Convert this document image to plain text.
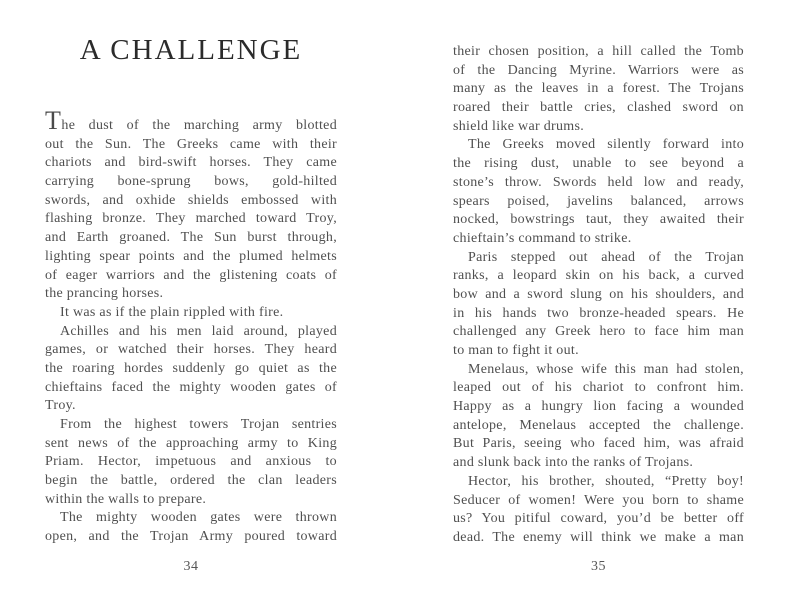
A CHALLENGE
The dust of the marching army blotted
out the Sun. The Greeks came with their
chariots and bird-swift horses. They came
carrying bone-sprung bows, gold-hilted
swords, and oxhide shields embossed with
flashing bronze. They marched toward Troy,
and Earth groaned. The Sun burst through,
lighting spear points and the plumed helmets
of eager warriors and the glistening coats of
the prancing horses.
It was as if the plain rippled with fire.
Achilles and his men laid around, played
games, or watched their horses. They heard
the roaring hordes suddenly go quiet as the
chieftains faced the mighty wooden gates of
Troy.
From the highest towers Trojan sentries
sent news of the approaching army to King
Priam. Hector, impetuous and anxious to
begin the battle, ordered the clan leaders
within the walls to prepare.
The mighty wooden gates were thrown
open, and the Trojan Army poured toward
34
their chosen position, a hill called the Tomb
of the Dancing Myrine. Warriors were as
many as the leaves in a forest. The Trojans
roared their battle cries, clashed sword on
shield like war drums.
The Greeks moved silently forward into
the rising dust, unable to see beyond a
stone’s throw. Swords held low and ready,
spears poised, javelins balanced, arrows
nocked, bowstrings taut, they awaited their
chieftain’s command to strike.
Paris stepped out ahead of the Trojan
ranks, a leopard skin on his back, a curved
bow and a sword slung on his shoulders, and
in his hands two bronze-headed spears. He
challenged any Greek hero to face him man
to man to fight it out.
Menelaus, whose wife this man had stolen,
leaped out of his chariot to confront him.
Happy as a hungry lion facing a wounded
antelope, Menelaus accepted the challenge.
But Paris, seeing who faced him, was afraid
and slunk back into the ranks of Trojans.
Hector, his brother, shouted, “Pretty boy!
Seducer of women! Were you born to shame
us? You pitiful coward, you’d be better off
dead. The enemy will think we make a man
35
